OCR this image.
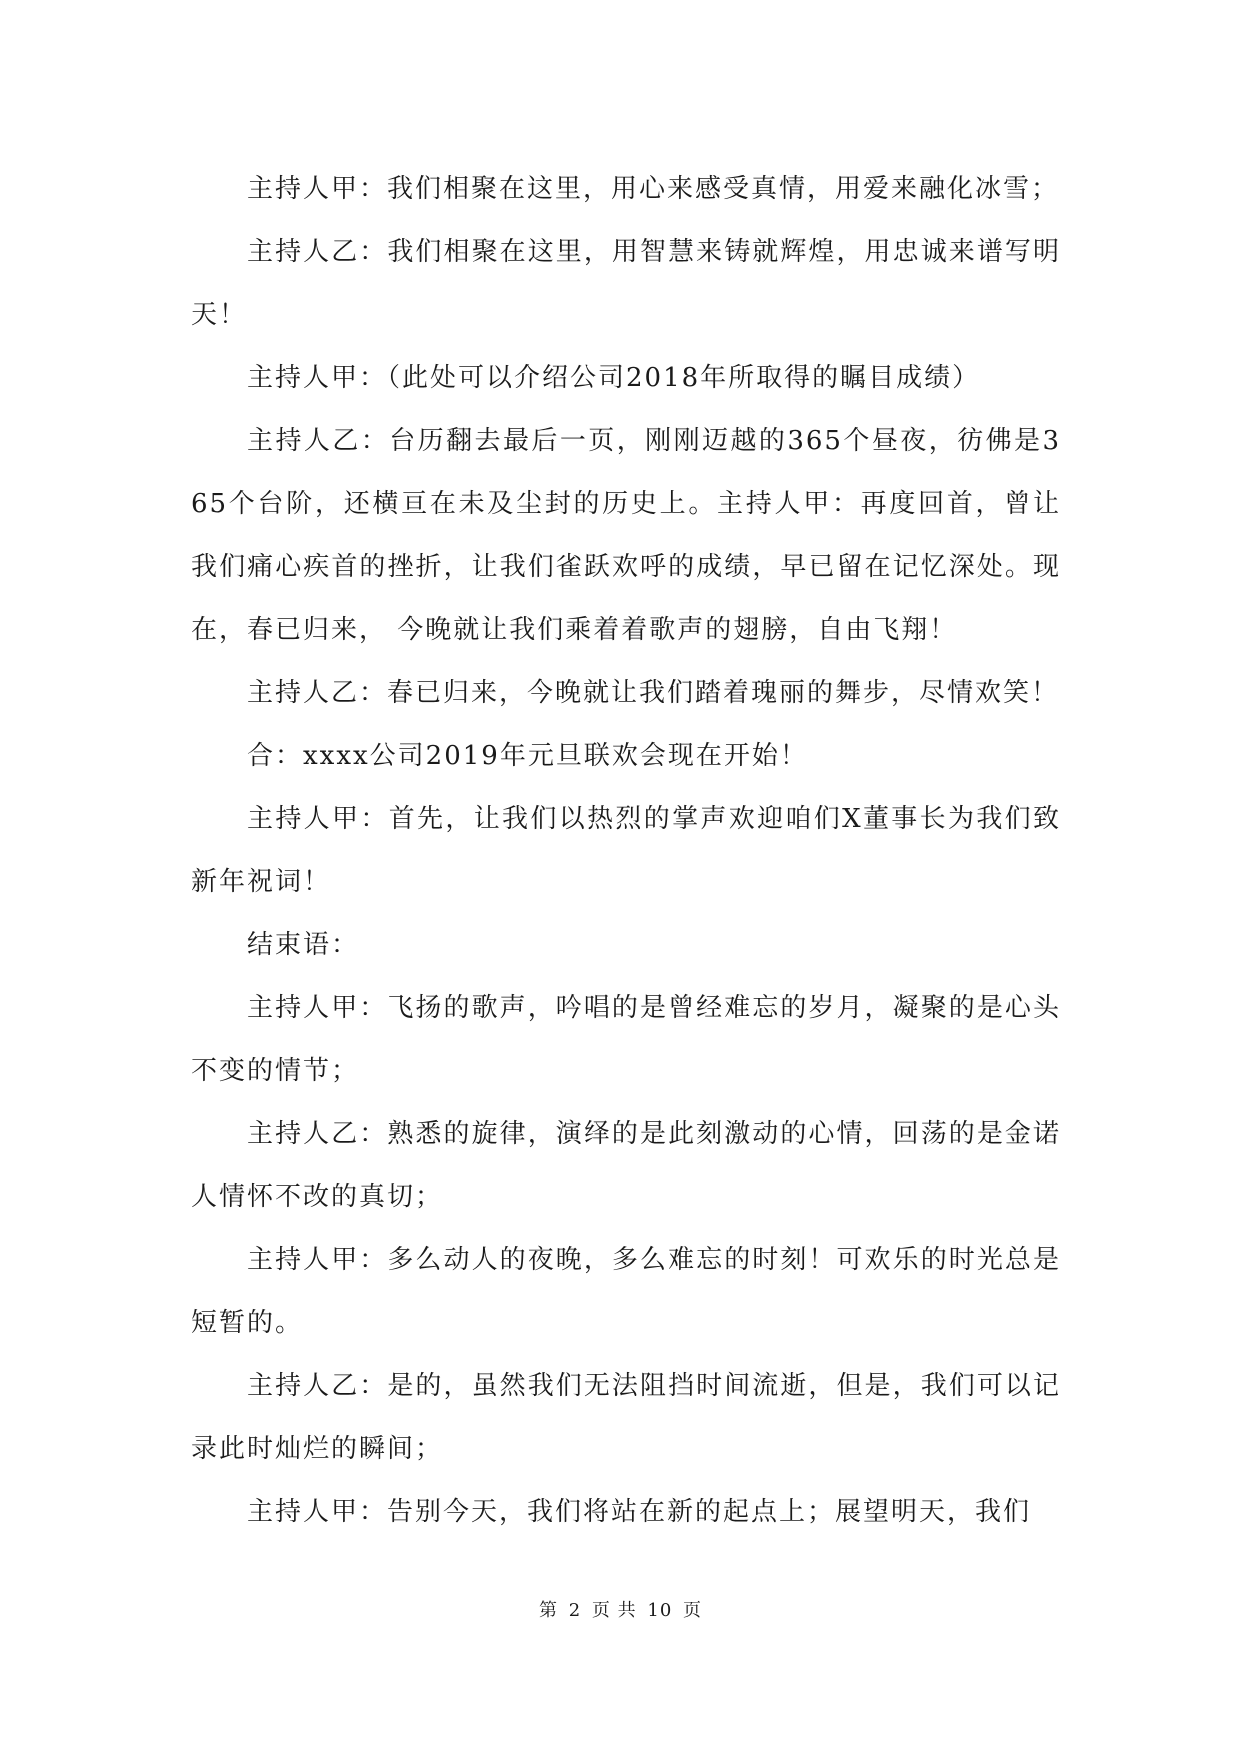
主持人甲：我们相聚在这里，用心来感受真情，用爱来融化冰雪；

主持人乙：我们相聚在这里，用智慧来铸就辉煌，用忠诚来谱写明天！

主持人甲：（此处可以介绍公司2018年所取得的瞩目成绩）

主持人乙：台历翻去最后一页，刚刚迈越的365个昼夜，彷佛是365个台阶，还横亘在未及尘封的历史上。主持人甲：再度回首，曾让我们痛心疾首的挫折，让我们雀跃欢呼的成绩，早已留在记忆深处。现在，春已归来， 今晚就让我们乘着着歌声的翅膀，自由飞翔！

主持人乙：春已归来，今晚就让我们踏着瑰丽的舞步，尽情欢笑！

合：xxxx公司2019年元旦联欢会现在开始！

主持人甲：首先，让我们以热烈的掌声欢迎咱们X董事长为我们致新年祝词！

结束语：

主持人甲：飞扬的歌声，吟唱的是曾经难忘的岁月，凝聚的是心头不变的情节；

主持人乙：熟悉的旋律，演绎的是此刻激动的心情，回荡的是金诺人情怀不改的真切；

主持人甲：多么动人的夜晚，多么难忘的时刻！可欢乐的时光总是短暂的。

主持人乙：是的，虽然我们无法阻挡时间流逝，但是，我们可以记录此时灿烂的瞬间；

主持人甲：告别今天，我们将站在新的起点上；展望明天，我们

第 2 页 共 10 页
